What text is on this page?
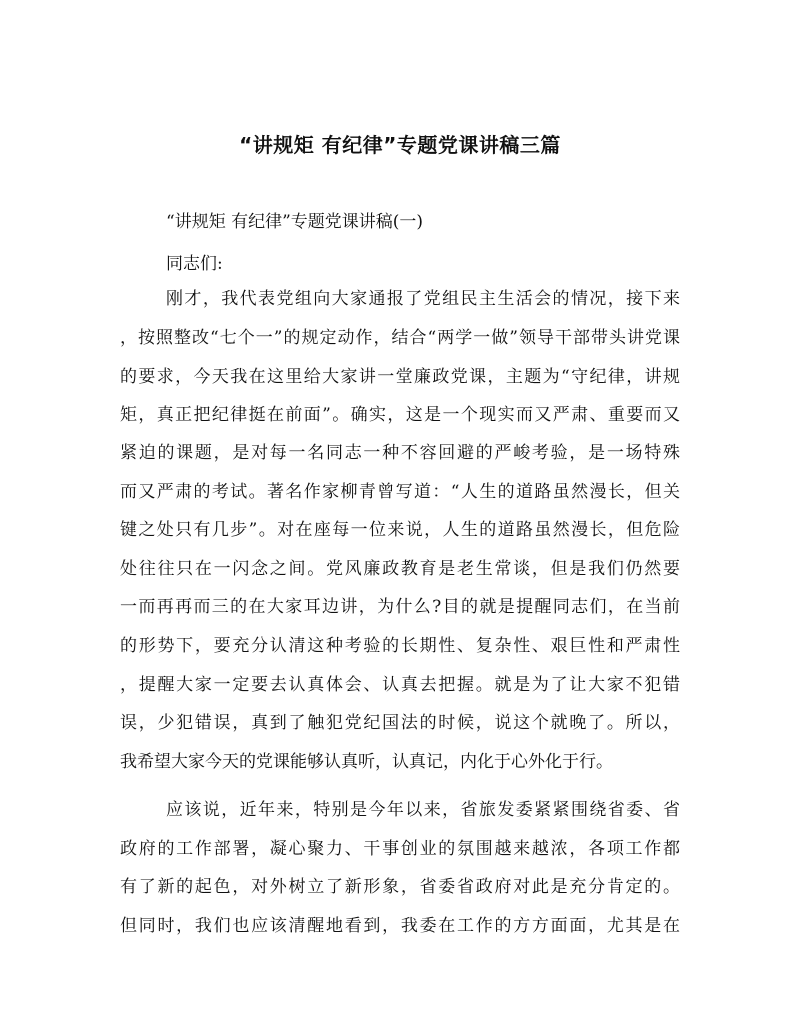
“讲规矩 有纪律”专题党课讲稿三篇
“讲规矩 有纪律”专题党课讲稿(一)
同志们:
刚才，我代表党组向大家通报了党组民主生活会的情况，接下来
，按照整改“七个一”的规定动作，结合“两学一做”领导干部带头讲党课
的要求，今天我在这里给大家讲一堂廉政党课，主题为“守纪律，讲规
矩，真正把纪律挺在前面”。确实，这是一个现实而又严肃、重要而又
紧迫的课题，是对每一名同志一种不容回避的严峻考验，是一场特殊
而又严肃的考试。著名作家柳青曾写道：“人生的道路虽然漫长，但关
键之处只有几步”。对在座每一位来说，人生的道路虽然漫长，但危险
处往往只在一闪念之间。党风廉政教育是老生常谈，但是我们仍然要
一而再再而三的在大家耳边讲，为什么?目的就是提醒同志们，在当前
的形势下，要充分认清这种考验的长期性、复杂性、艰巨性和严肃性
，提醒大家一定要去认真体会、认真去把握。就是为了让大家不犯错
误，少犯错误，真到了触犯党纪国法的时候，说这个就晚了。所以，
我希望大家今天的党课能够认真听，认真记，内化于心外化于行。
应该说，近年来，特别是今年以来，省旅发委紧紧围绕省委、省
政府的工作部署，凝心聚力、干事创业的氛围越来越浓，各项工作都
有了新的起色，对外树立了新形象，省委省政府对此是充分肯定的。
但同时，我们也应该清醒地看到，我委在工作的方方面面，尤其是在
